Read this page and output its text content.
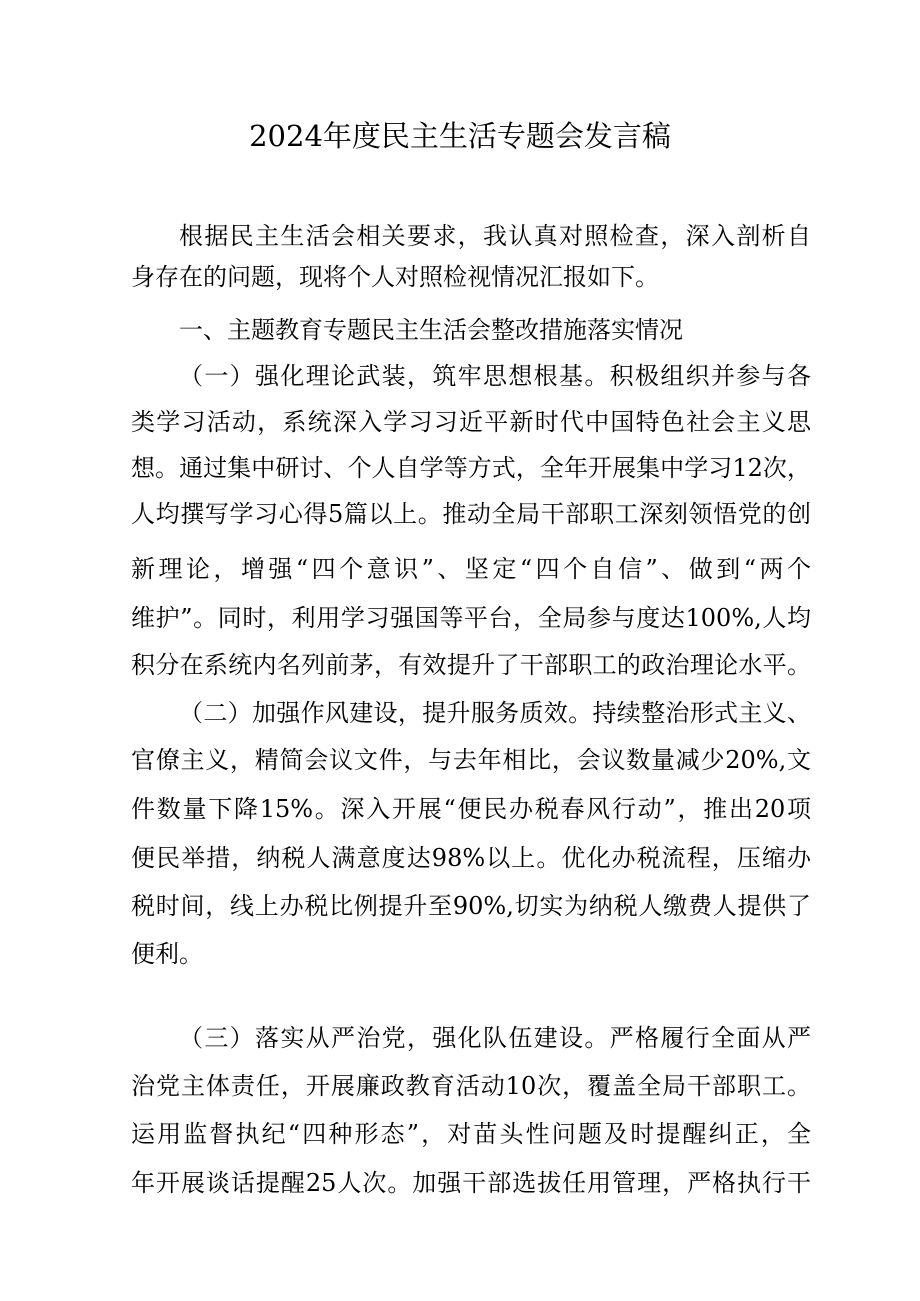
2024年度民主生活专题会发言稿
根据民主生活会相关要求，我认真对照检查，深入剖析自
身存在的问题，现将个人对照检视情况汇报如下。
一、主题教育专题民主生活会整改措施落实情况
（一）强化理论武装，筑牢思想根基。积极组织并参与各
类学习活动，系统深入学习习近平新时代中国特色社会主义思
想。通过集中研讨、个人自学等方式，全年开展集中学习12次，
人均撰写学习心得5篇以上。推动全局干部职工深刻领悟党的创
新理论，增强“四个意识”、坚定“四个自信”、做到“两个
维护”。同时，利用学习强国等平台，全局参与度达100%,人均
积分在系统内名列前茅，有效提升了干部职工的政治理论水平。
（二）加强作风建设，提升服务质效。持续整治形式主义、
官僚主义，精简会议文件，与去年相比，会议数量减少20%,文
件数量下降15%。深入开展“便民办税春风行动”，推出20项
便民举措，纳税人满意度达98%以上。优化办税流程，压缩办
税时间，线上办税比例提升至90%,切实为纳税人缴费人提供了
便利。
（三）落实从严治党，强化队伍建设。严格履行全面从严
治党主体责任，开展廉政教育活动10次，覆盖全局干部职工。
运用监督执纪“四种形态”，对苗头性问题及时提醒纠正，全
年开展谈话提醒25人次。加强干部选拔任用管理，严格执行干
